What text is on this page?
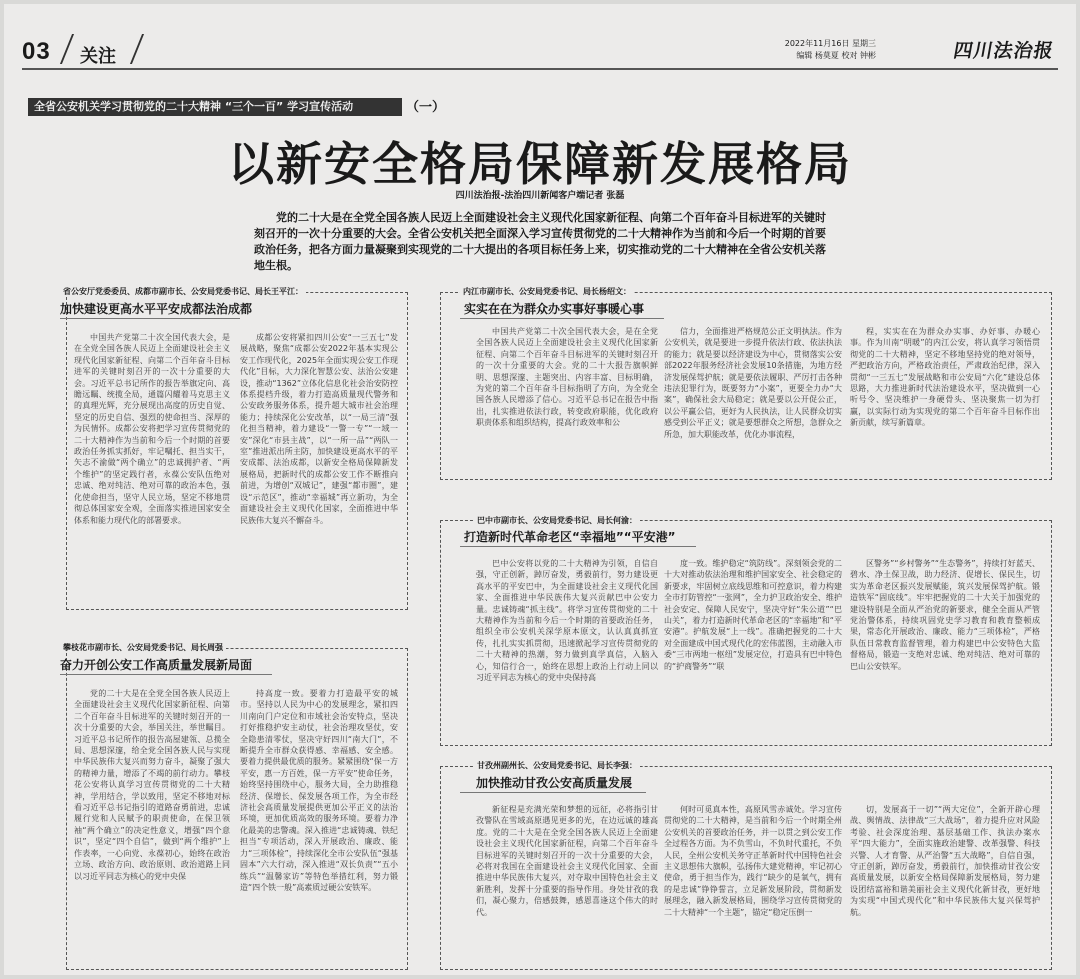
03 关注
2022年11月16日 星期三
编辑 杨莫夏 校对 钟彬	四川法治报
全省公安机关学习贯彻党的二十大精神 “三个一百” 学习宣传活动	（一）
以新安全格局保障新发展格局
四川法治报-法治四川新闻客户端记者 张磊
党的二十大是在全党全国各族人民迈上全面建设社会主义现代化国家新征程、向第二个百年奋斗目标进军的关键时刻召开的一次十分重要的大会。全省公安机关把全面深入学习宣传贯彻党的二十大精神作为当前和今后一个时期的首要政治任务，把各方面力量凝聚到实现党的二十大提出的各项目标任务上来，切实推动党的二十大精神在全省公安机关落地生根。
省公安厅党委委员、成都市副市长、公安局党委书记、局长王平江：
加快建设更高水平平安成都法治成都

中国共产党第二十次全国代表大会，是在全党全国各族人民迈上全面建设社会主义现代化国家新征程、向第二个百年奋斗目标进军的关键时刻召开的一次十分重要的大会。习近平总书记所作的报告举旗定向、高瞻远瞩、统揽全局，通篇闪耀着马克思主义的真理光辉，充分展现出高度的历史自觉、坚定的历史自信、强烈的使命担当、深厚的为民情怀。成都公安将把学习宣传贯彻党的二十大精神作为当前和今后一个时期的首要政治任务抓实抓好，牢记嘱托、担当实干，矢志不渝做“两个确立”的忠诚拥护者、“两个维护”的坚定践行者，永葆公安队伍绝对忠诚、绝对纯洁、绝对可靠的政治本色，强化使命担当，坚守人民立场，坚定不移地贯彻总体国家安全观，全面落实推进国家安全体系和能力现代化的部署要求。

成都公安将紧扣四川公安“一三五七”发展战略，聚焦“成都公安2022年基本实现公安工作现代化，2025年全面实现公安工作现代化”目标，大力深化智慧公安、法治公安建设，推动“1362”立体化信息化社会治安防控体系提档升级，着力打造高质量现代警务和公安政务服务体系，提升超大城市社会治理能力；持续深化公安改革，以“一局三清”强化担当精神，着力建设“一警一专”“一域一安”深化“市县主战”，以“一所一品”“两队一室”推进派出所主防，加快建设更高水平的平安成都、法治成都，以新安全格局保障新发展格局，把新时代的成都公安工作不断推向前进，为增创“双城记”，建强“都市圈”，建设“示范区”，推动“幸福城”再立新功，为全面建设社会主义现代化国家，全面推进中华民族伟大复兴不懈奋斗。

内江市副市长、公安局党委书记、局长杨绍文：
实实在在为群众办实事好事暖心事

中国共产党第二十次全国代表大会，是在全党全国各族人民迈上全面建设社会主义现代化国家新征程、向第二个百年奋斗目标进军的关键时刻召开的一次十分重要的大会。党的二十大报告旗帜鲜明、思想深邃、主题突出、内容丰富、目标明确，为党的第二个百年奋斗目标指明了方向，为全党全国各族人民增添了信心。习近平总书记在报告中指出，扎实推进依法行政，转变政府职能，优化政府职责体系和组织结构，提高行政效率和公

信力，全面推进严格规范公正文明执法。作为公安机关，就是要进一步提升依法行政、依法执法的能力；就是要以经济建设为中心，贯彻落实公安部2022年服务经济社会发展10条措施，为地方经济发展保驾护航；就是要依法履职、严厉打击各种违法犯罪行为，既要努力“小案”，更要全力办“大案”，确保社会大局稳定；就是要以公开促公正，以公平赢公信，更好为人民执法，让人民群众切实感受到公平正义；就是要想群众之所想，急群众之所急，加大职能改革，优化办事流程，

程，实实在在为群众办实事、办好事、办暖心事。作为川南“明暖”的内江公安，将认真学习领悟贯彻党的二十大精神，坚定不移地坚持党的绝对领导，严把政治方向，严格政治责任，严肃政治纪律，深入贯彻“一三五七”发展战略和市公安局“六化”建设总体思路，大力推进新时代法治建设水平，坚决做到一心听号令、坚决维护一身硬骨头、坚决聚焦一切为打赢，以实际行动为实现党的第二个百年奋斗目标作出新贡献，续写新篇章。

巴中市副市长、公安局党委书记、局长何渝：
打造新时代革命老区“幸福地”“平安港”

巴中公安将以党的二十大精神为引领，自信自强，守正创新，踔厉奋发，勇毅前行，努力建设更高水平的平安巴中，为全面建设社会主义现代化国家、全面推进中华民族伟大复兴贡献巴中公安力量。忠诚铸魂“抓主线”。将学习宣传贯彻党的二十大精神作为当前和今后一个时期的首要政治任务，组织全市公安机关深学原本原文，认认真真抓宣传，扎扎实实抓贯彻，迅速掀起学习宣传贯彻党的二十大精神的热潮，努力做到真学真信，入脑入心，知信行合一，始终在思想上政治上行动上同以习近平同志为核心的党中央保持高

度一致。维护稳定“筑防线”。深刻领会党的二十大对推动依法治理和维护国家安全、社会稳定的新要求，牢固树立底线思维和可控意识，着力构建全市打防管控“一张网”，全力护卫政治安全、维护社会安定、保障人民安宁，坚决守好“朱公道”“巴山关”，着力打造新时代革命老区的“幸福地”和“平安港”。护航发展“上一线”。准确把握党的二十大对全面建成中国式现代化的宏伟蓝图，主动融入市委“三市两地一枢纽”发展定位，打造具有巴中特色的“护商警务”“联

区警务”“乡村警务”“生态警务”，持续打好蓝天、碧水、净土保卫战，助力经济、促增长、保民生，切实为革命老区振兴发展赋能，筑兴发展保驾护航。锻造铁军“固底线”。牢牢把握党的二十大关于加强党的建设特别是全面从严治党的新要求，健全全面从严管党治警体系，持续巩固党史学习教育和教育整顿成果，常态化开展政治、廉政、能力“三项体检”，严格队伍日常教育监督管理，着力构建巴中公安特色大监督格局，锻造一支绝对忠诚、绝对纯洁、绝对可靠的巴山公安铁军。

攀枝花市副市长、公安局党委书记、局长周强
奋力开创公安工作高质量发展新局面

党的二十大是在全党全国各族人民迈上全面建设社会主义现代化国家新征程、向第二个百年奋斗目标进军的关键时刻召开的一次十分重要的大会，举国关注，举世瞩目。习近平总书记所作的报告高屋建瓴、总揽全局、思想深邃，给全党全国各族人民与实现中华民族伟大复兴而努力奋斗，凝聚了强大的精神力量，增添了不竭的前行动力。攀枝花公安将认真学习宣传贯彻党的二十大精神，学用结合，学以致用，坚定不移地对标看习近平总书记指引的道路奋勇前进，忠诚履行党和人民赋予的职责使命，在保卫领袖“两个确立”的决定性意义，增强“四个意识”，坚定“四个自信”，做到“两个维护”上作表率，一心向党、永葆初心，始终在政治立场、政治方向、政治原则、政治道路上同以习近平同志为核心的党中央保

持高度一致。要着力打造最平安的城市。坚持以人民为中心的发展理念，紧扣四川南向门户定位和市域社会治安特点，坚决打好推稳护安主动仗，社会治理攻坚仗，安全隐患清零仗，坚决守好四川“南大门”，不断提升全市群众获得感、幸福感、安全感。要着力提供最优质的服务。紧紧围绕“保一方平安，惠一方百姓，保一方平安”使命任务，始终坚持围绕中心，服务大局，全力助推稳经济、保增长、保发展各项工作，为全市经济社会高质量发展提供更加公平正义的法治环境，更加优质高效的服务环境。要着力净化最美的忠警魂。深入推进“忠诚铸魂、铁纪担当”专项活动，深入开展政治、廉政、能力“三项体检”，持续深化全市公安队伍“强基固本”六大行动，深入推进“双长负责”“五小练兵”“温馨家访”等特色举措红利，努力锻造“四个铁一般”高素质过硬公安铁军。

甘孜州副州长、公安局党委书记、局长李强：
加快推动甘孜公安高质量发展

新征程是充满光荣和梦想的远征，必将指引甘孜警队在雪域高原遇见更多的光，在边远诚的雄高度。党的二十大是在全党全国各族人民迈上全面建设社会主义现代化国家新征程，向第二个百年奋斗目标进军的关键时刻召开的一次十分重要的大会，必将对我国在全面建设社会主义现代化国家、全面推进中华民族伟大复兴，对夺取中国特色社会主义新胜利，发挥十分重要的指导作用。身处甘孜的我们，凝心聚力，倍感鼓舞，感恩喜逢这个伟大的时代。

何时可觅真本性，高原风雪赤诚处。学习宣传贯彻党的二十大精神，是当前和今后一个时期全州公安机关的首要政治任务，并一以贯之到公安工作全过程各方面。为不负雪山，不负时代重托，不负人民，全州公安机关务守正革新时代中国特色社会主义思想伟大旗帜，弘扬伟大建党精神，牢记初心使命，勇于担当作为，践行“缺少的是氧气，拥有的是忠诚”铮铮誓言，立足新发展阶段，贯彻新发展理念，融入新发展格局，围绕学习宣传贯彻党的二十大精神“一个主题”，锚定“稳定压倒一

切，发展高于一切”“两大定位”，全新开辟心理战、舆情战、法律战“三大战场”，着力提升应对风险考验、社会深度治理、基层基础工作、执法办案水平“四大能力”，全面实施政治建警、改革强警、科技兴警、人才育警、从严治警“五大战略”，自信自强，守正创新，踔厉奋发，勇毅前行，加快推动甘孜公安高质量发展，以新安全格局保障新发展格局，努力建设团结富裕和谐美丽社会主义现代化新甘孜，更好地为实现“中国式现代化”和中华民族伟大复兴保驾护航。
